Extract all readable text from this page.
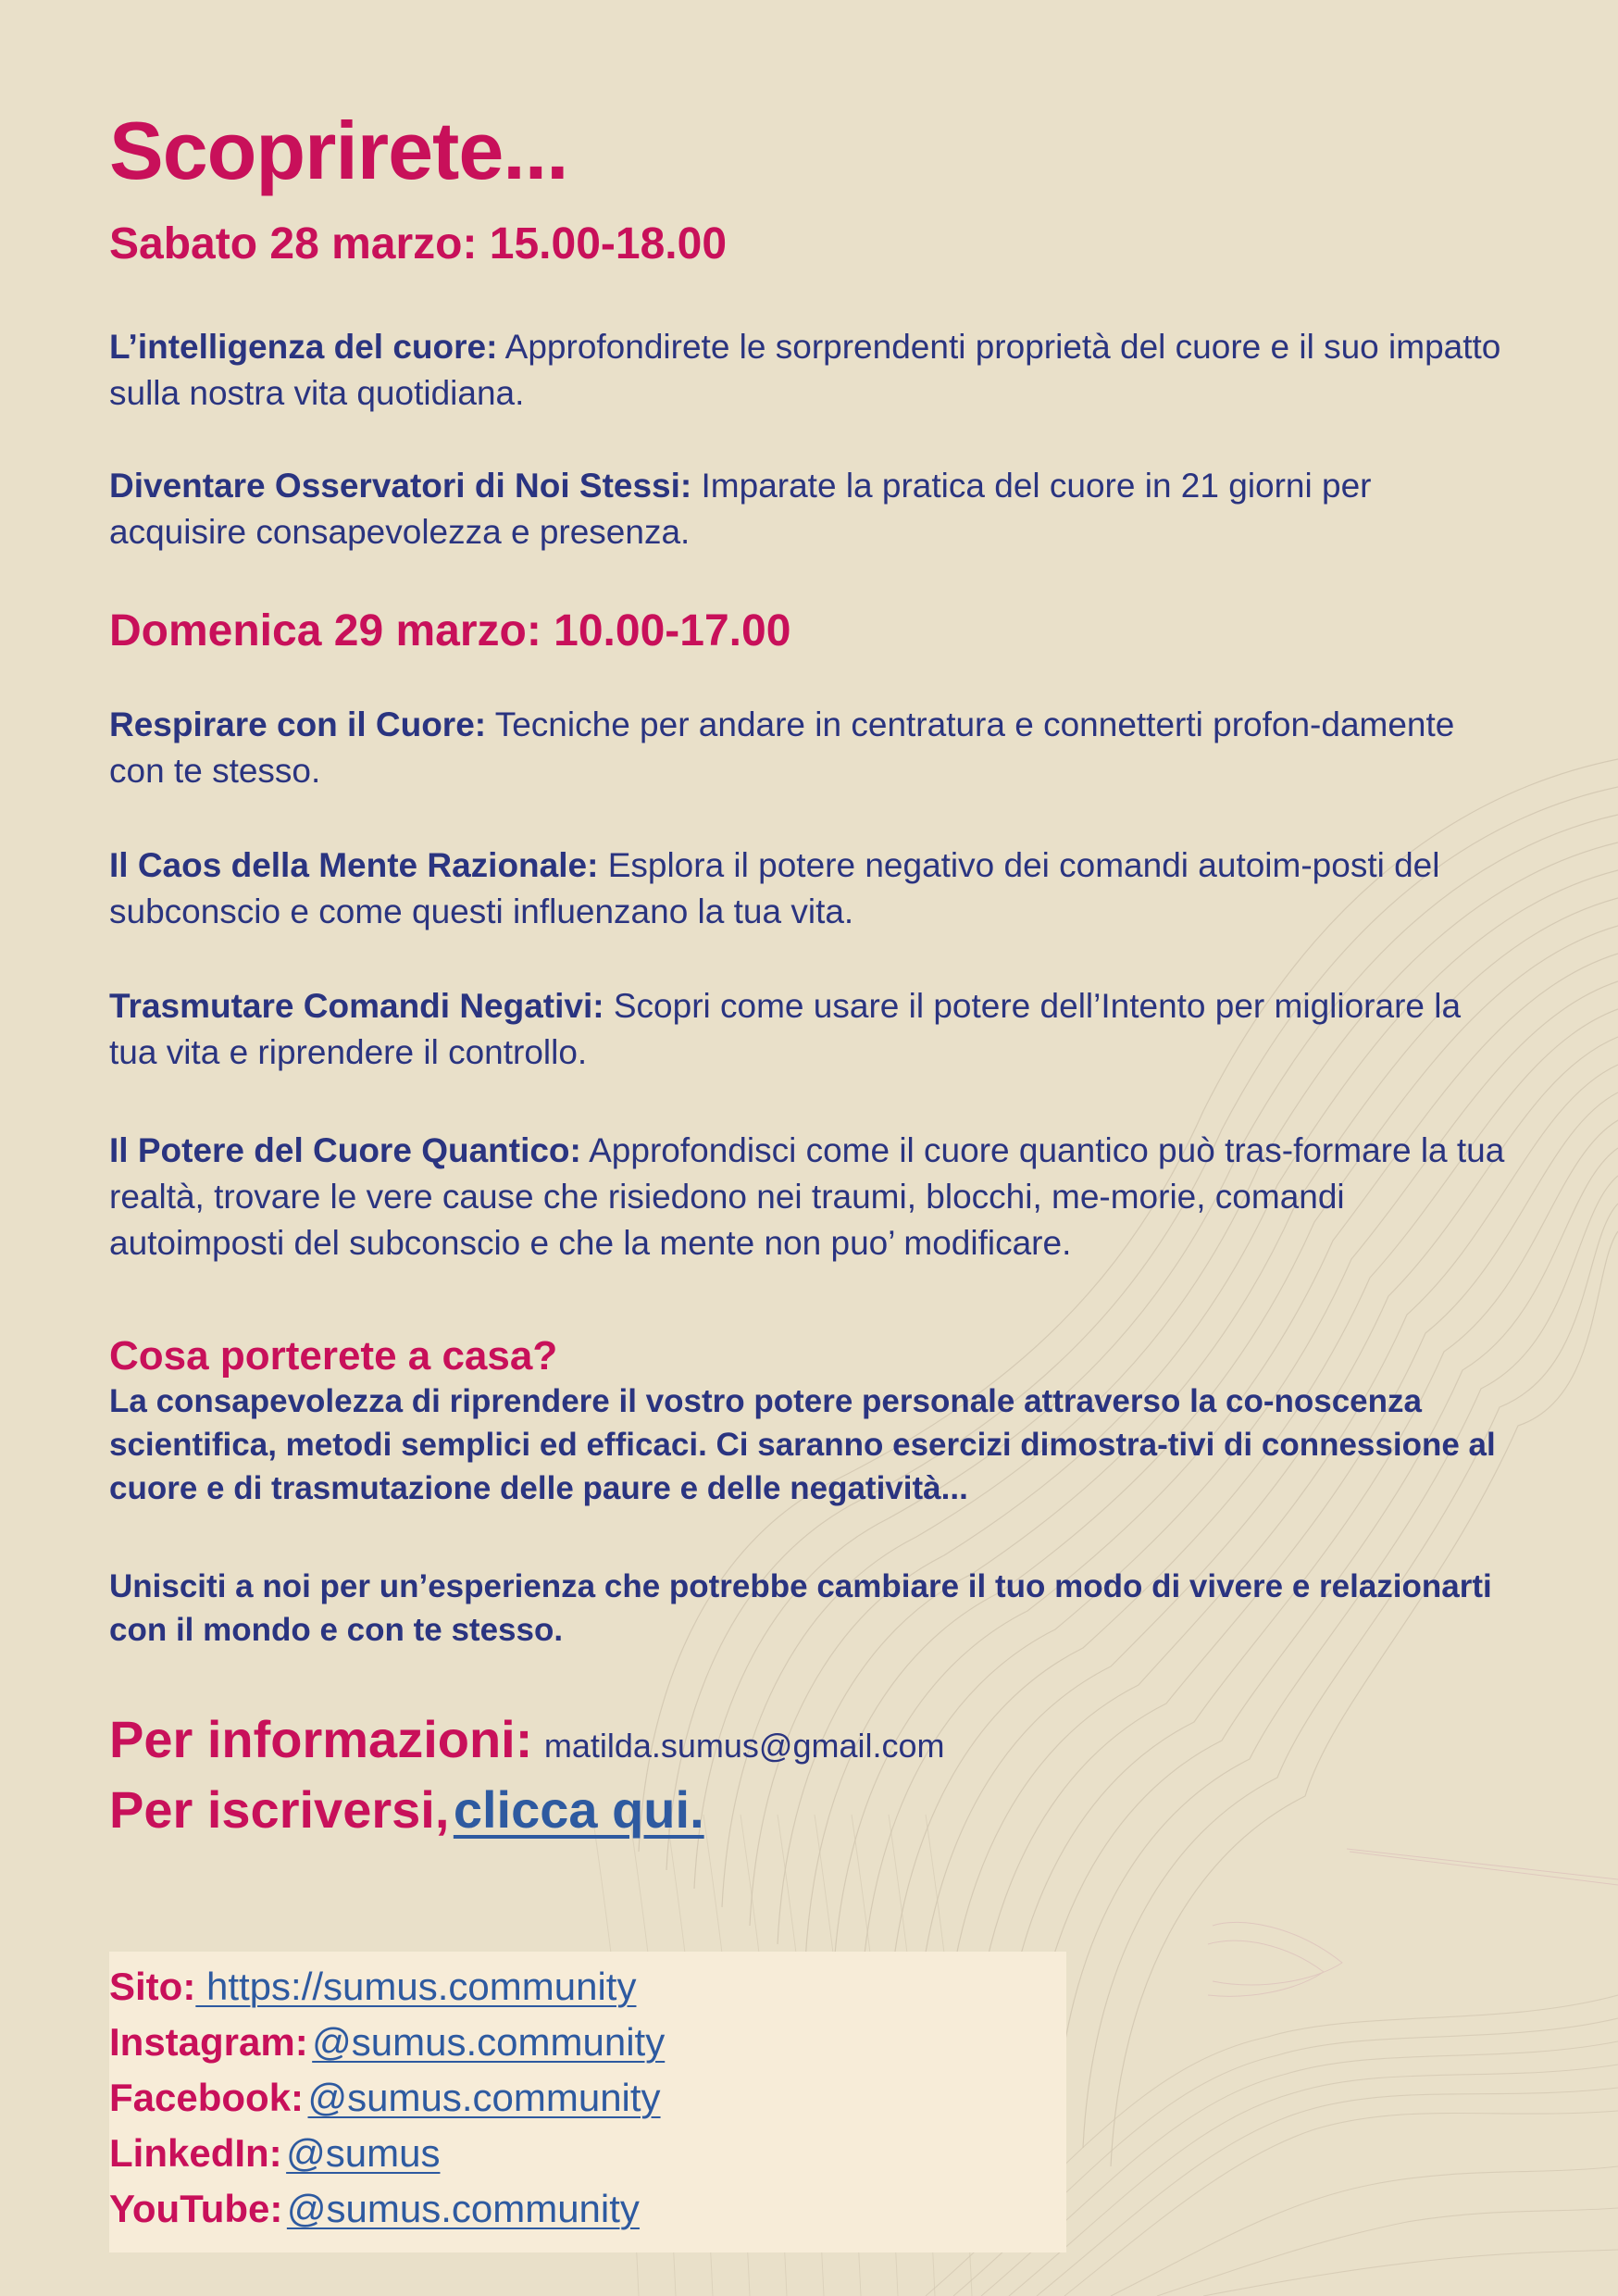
Scoprirete...
Sabato 28 marzo: 15.00-18.00

L’intelligenza del cuore: Approfondirete le sorprendenti proprietà del cuore e il suo impatto sulla nostra vita quotidiana.

Diventare Osservatori di Noi Stessi: Imparate la pratica del cuore in 21 giorni per acquisire consapevolezza e presenza.

Domenica 29 marzo: 10.00-17.00

Respirare con il Cuore: Tecniche per andare in centratura e connetterti profon-damente con te stesso.

Il Caos della Mente Razionale: Esplora il potere negativo dei comandi autoim-posti del subconscio e come questi influenzano la tua vita.

Trasmutare Comandi Negativi: Scopri come usare il potere dell’Intento per migliorare la tua vita e riprendere il controllo.

Il Potere del Cuore Quantico: Approfondisci come il cuore quantico può tras-formare la tua realtà, trovare le vere cause che risiedono nei traumi, blocchi, me-morie, comandi autoimposti del subconscio e che la mente non puo’ modificare.

Cosa porterete a casa?

La consapevolezza di riprendere il vostro potere personale attraverso la co-noscenza scientifica, metodi semplici ed efficaci. Ci saranno esercizi dimostra-tivi di connessione al cuore e di trasmutazione delle paure e delle negatività...

Unisciti a noi per un’esperienza che potrebbe cambiare il tuo modo di vivere e relazionarti con il mondo e con te stesso.

Per informazioni: matilda.sumus@gmail.com

Per iscriversi, clicca qui.

Sito: https://sumus.community
Instagram: @sumus.community
Facebook: @sumus.community
LinkedIn: @sumus
YouTube: @sumus.community
